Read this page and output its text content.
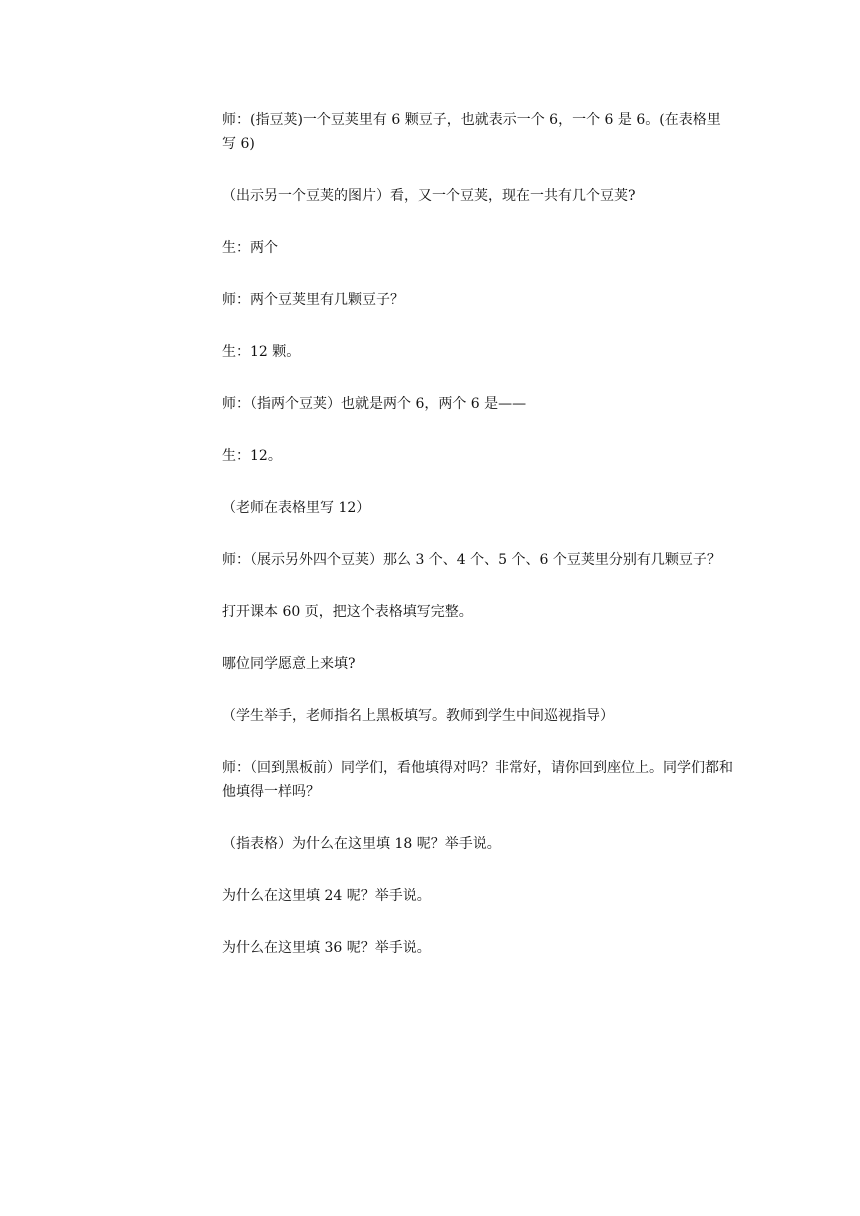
师：(指豆荚)一个豆荚里有 6 颗豆子，也就表示一个 6，一个 6 是 6。(在表格里写 6)

（出示另一个豆荚的图片）看，又一个豆荚，现在一共有几个豆荚?

生：两个

师：两个豆荚里有几颗豆子？

生：12 颗。

师：（指两个豆荚）也就是两个 6，两个 6 是——

生：12。

（老师在表格里写 12）

师：（展示另外四个豆荚）那么 3 个、4 个、5 个、6 个豆荚里分别有几颗豆子？

打开课本 60 页，把这个表格填写完整。

哪位同学愿意上来填?

（学生举手，老师指名上黑板填写。教师到学生中间巡视指导）

师：（回到黑板前）同学们，看他填得对吗？非常好，请你回到座位上。同学们都和他填得一样吗？

（指表格）为什么在这里填 18 呢？举手说。

为什么在这里填 24 呢？举手说。

为什么在这里填 36 呢？举手说。
